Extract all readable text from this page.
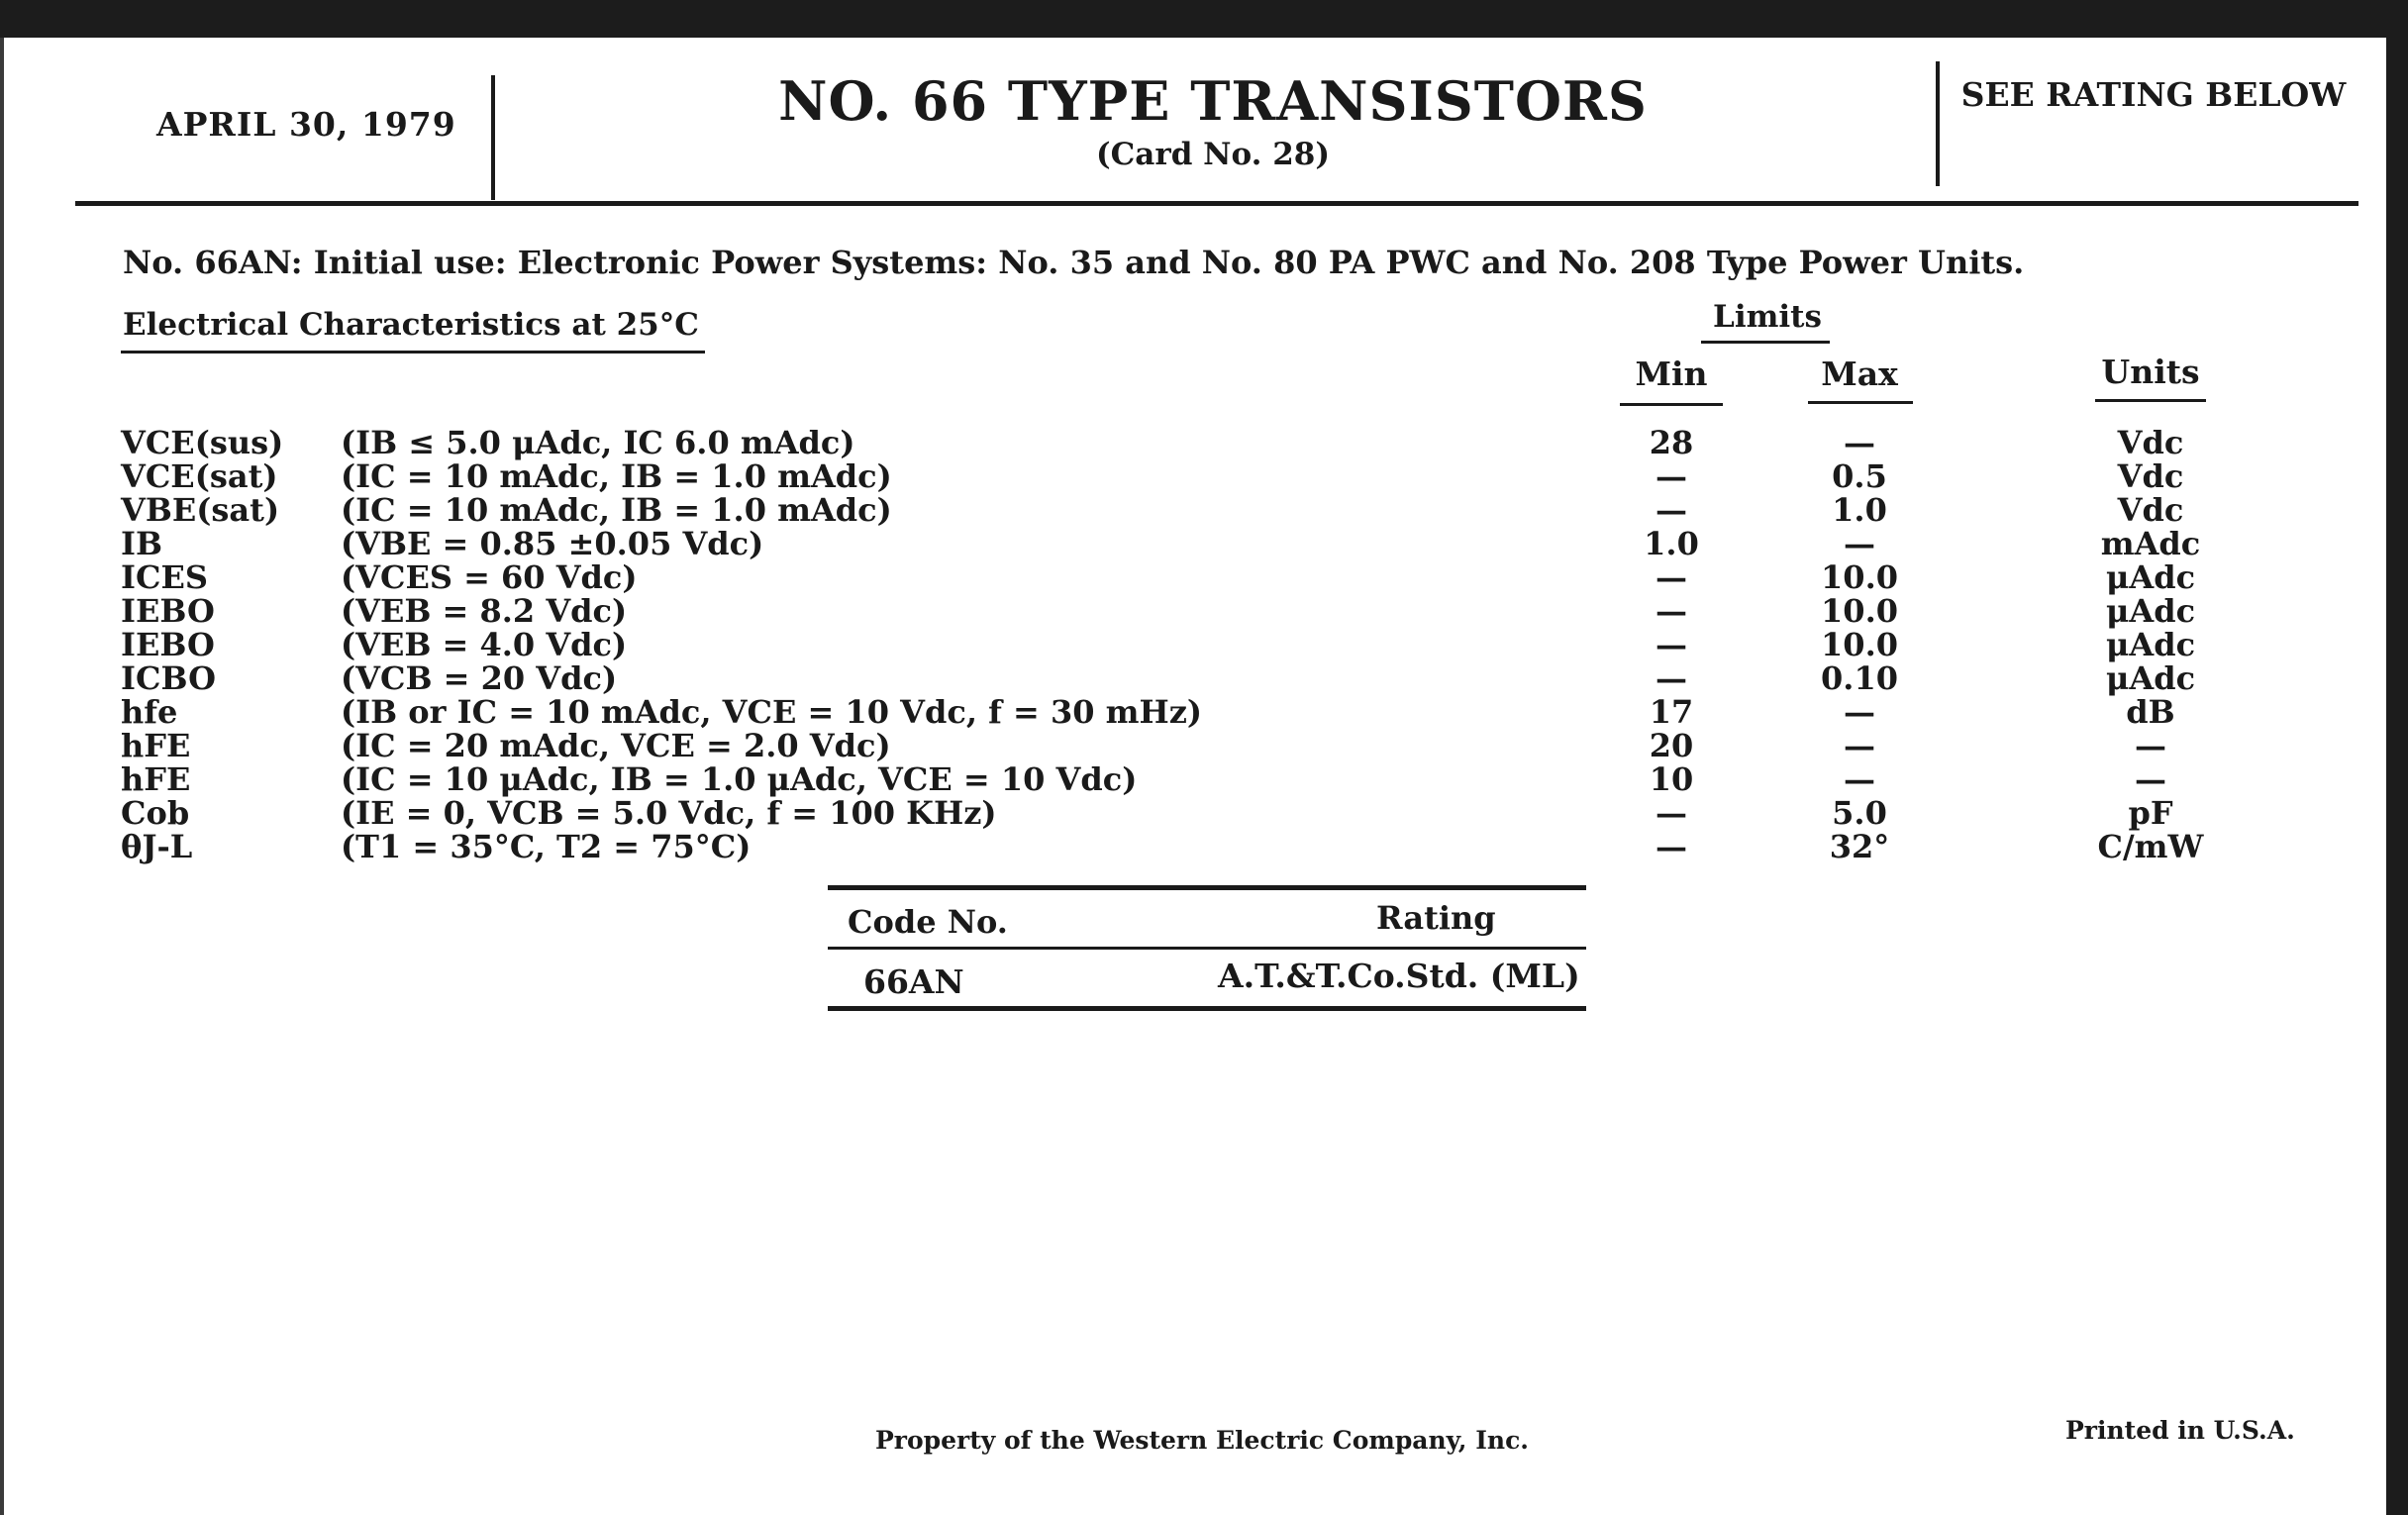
APRIL 30, 1979	NO. 66 TYPE TRANSISTORS
(Card No. 28)
SEE RATING BELOW
No. 66AN: Initial use: Electronic Power Systems: No. 35 and No. 80 PA PWC and No. 208 Type Power Units.
Electrical Characteristics at 25°C	Limits
Min	Max	Units
VCE(sus) (IB ≤ 5.0 μAdc, IC 6.0 mAdc)	28	—	Vdc
VCE(sat) (IC = 10 mAdc, IB = 1.0 mAdc)	—	0.5	Vdc
VBE(sat) (IC = 10 mAdc, IB = 1.0 mAdc)	—	1.0	Vdc
IB	(VBE = 0.85 ±0.05 Vdc)	1.0	—	mAdc
ICES	(VCES = 60 Vdc)	—	10.0	μAdc
IEBO	(VEB = 8.2 Vdc)	—	10.0	μAdc
IEBO	(VEB = 4.0 Vdc)	—	10.0	μAdc
ICBO	(VCB = 20 Vdc)	—	0.10	μAdc
hfe	(IB or IC = 10 mAdc, VCE = 10 Vdc, f = 30 mHz)	17	—	dB
hFE	(IC = 20 mAdc, VCE = 2.0 Vdc)	20	—	—
hFE	(IC = 10 μAdc, IB = 1.0 μAdc, VCE = 10 Vdc)	10	—	—
Cob	(IE = 0, VCB = 5.0 Vdc, f = 100 KHz)	—	5.0	pF
θJ-L	(T1 = 35°C, T2 = 75°C)	—	32°	C/mW
Code No.	Rating
66AN	A.T.&T.Co.Std. (ML)
Property of the Western Electric Company, Inc.	Printed in U.S.A.
